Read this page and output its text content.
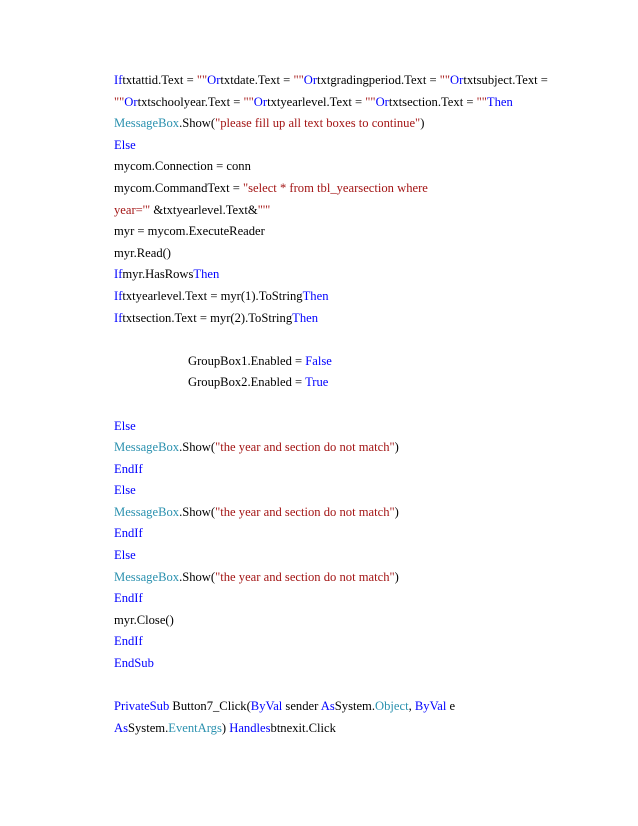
Iftxtattid.Text = ""Ortxtdate.Text = ""Ortxtgradingperiod.Text = ""Ortxtsubject.Text =
""Ortxtschoolyear.Text = ""Ortxtyearlevel.Text = ""Ortxtsection.Text = ""Then
MessageBox.Show("please fill up all text boxes to continue")
Else
mycom.Connection = conn
mycom.CommandText = "select * from tbl_yearsection where
year='" &txtyearlevel.Text&"'"
myr = mycom.ExecuteReader
myr.Read()
Ifmyr.HasRowsThen
Iftxtyearlevel.Text = myr(1).ToStringThen
Iftxtsection.Text = myr(2).ToStringThen
GroupBox1.Enabled = False
GroupBox2.Enabled = True
Else
MessageBox.Show("the year and section do not match")
EndIf
Else
MessageBox.Show("the year and section do not match")
EndIf
Else
MessageBox.Show("the year and section do not match")
EndIf
myr.Close()
EndIf
EndSub
PrivateSub Button7_Click(ByVal sender AsSystem.Object, ByVal e
AsSystem.EventArgs) Handlesbtnexit.Click
